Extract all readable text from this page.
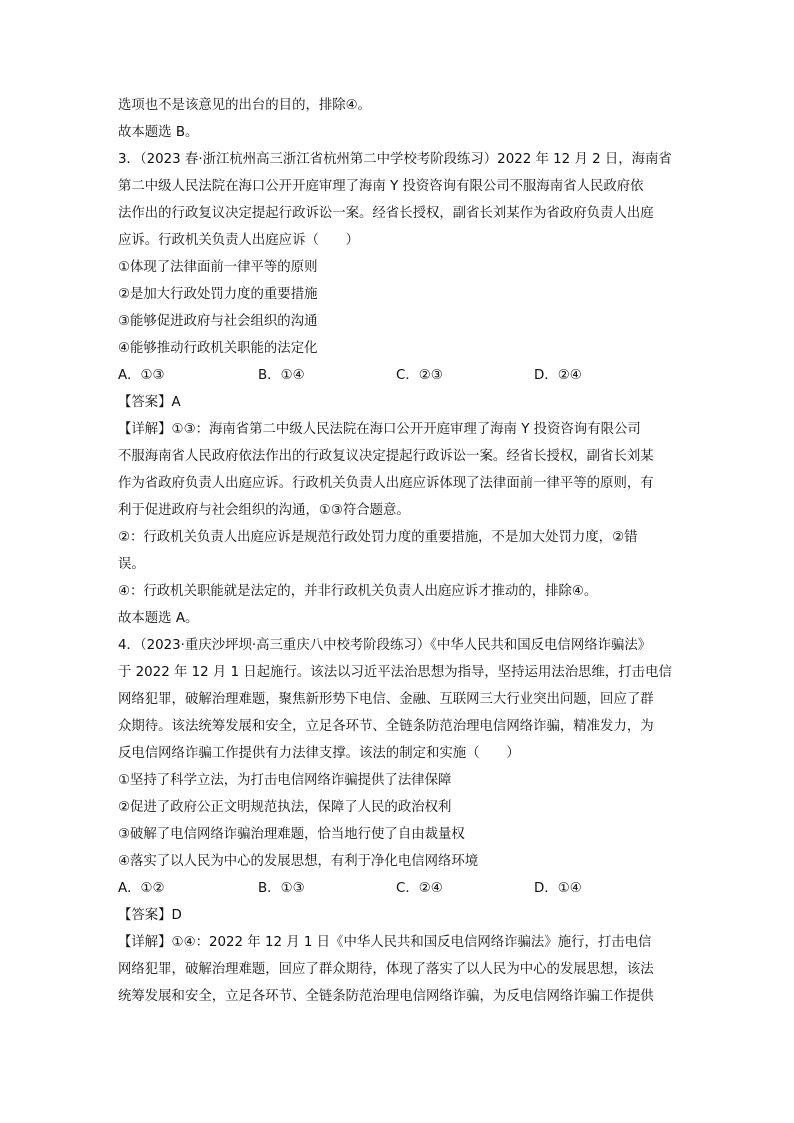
选项也不是该意见的出台的目的，排除④。
故本题选 B。
3．（2023 春·浙江杭州高三浙江省杭州第二中学校考阶段练习）2022 年 12 月 2 日，海南省
第二中级人民法院在海口公开开庭审理了海南 Y 投资咨询有限公司不服海南省人民政府依
法作出的行政复议决定提起行政诉讼一案。经省长授权，副省长刘某作为省政府负责人出庭
应诉。行政机关负责人出庭应诉（　　）
①体现了法律面前一律平等的原则
②是加大行政处罚力度的重要措施
③能够促进政府与社会组织的沟通
④能够推动行政机关职能的法定化
A．①③	B．①④	C．②③	D．②④
【答案】A
【详解】①③：海南省第二中级人民法院在海口公开开庭审理了海南 Y 投资咨询有限公司
不服海南省人民政府依法作出的行政复议决定提起行政诉讼一案。经省长授权，副省长刘某
作为省政府负责人出庭应诉。行政机关负责人出庭应诉体现了法律面前一律平等的原则，有
利于促进政府与社会组织的沟通，①③符合题意。
②：行政机关负责人出庭应诉是规范行政处罚力度的重要措施，不是加大处罚力度，②错
误。
④：行政机关职能就是法定的，并非行政机关负责人出庭应诉才推动的，排除④。
故本题选 A。
4．（2023·重庆沙坪坝·高三重庆八中校考阶段练习）《中华人民共和国反电信网络诈骗法》
于 2022 年 12 月 1 日起施行。该法以习近平法治思想为指导，坚持运用法治思维，打击电信
网络犯罪，破解治理难题，聚焦新形势下电信、金融、互联网三大行业突出问题，回应了群
众期待。该法统筹发展和安全，立足各环节、全链条防范治理电信网络诈骗，精准发力，为
反电信网络诈骗工作提供有力法律支撑。该法的制定和实施（　　）
①坚持了科学立法，为打击电信网络诈骗提供了法律保障
②促进了政府公正文明规范执法，保障了人民的政治权利
③破解了电信网络诈骗治理难题，恰当地行使了自由裁量权
④落实了以人民为中心的发展思想，有利于净化电信网络环境
A．①②	B．①③	C．②④	D．①④
【答案】D
【详解】①④：2022 年 12 月 1 日《中华人民共和国反电信网络诈骗法》施行，打击电信
网络犯罪，破解治理难题，回应了群众期待，体现了落实了以人民为中心的发展思想，该法
统筹发展和安全，立足各环节、全链条防范治理电信网络诈骗，为反电信网络诈骗工作提供
